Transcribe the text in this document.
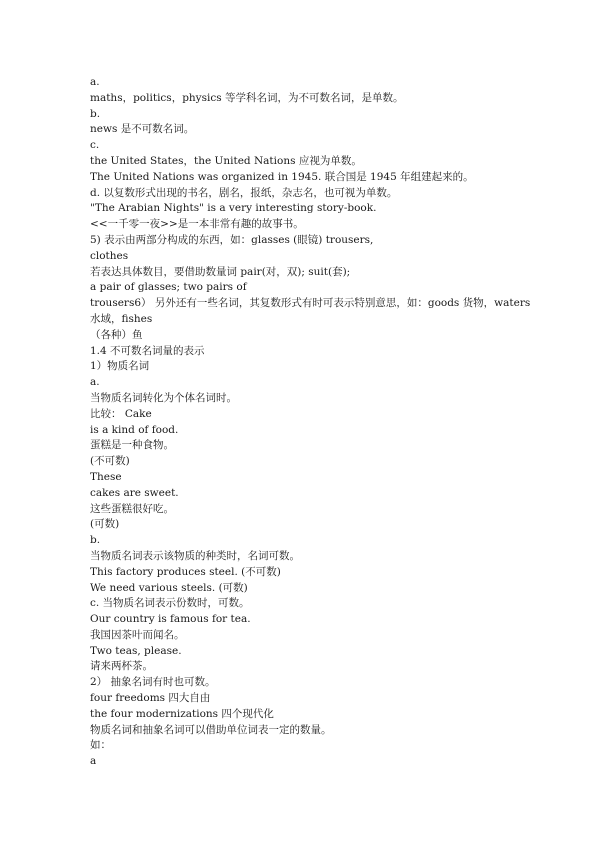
a.
maths，politics，physics 等学科名词，为不可数名词，是单数。
b.
news 是不可数名词。
c.
the United States，the United Nations 应视为单数。
The United Nations was organized in 1945. 联合国是 1945 年组建起来的。
d. 以复数形式出现的书名，剧名，报纸，杂志名，也可视为单数。
"The Arabian Nights" is a very interesting story-book.
<<一千零一夜>>是一本非常有趣的故事书。
5) 表示由两部分构成的东西，如：glasses (眼镜) trousers,
clothes
若表达具体数目，要借助数量词 pair(对，双); suit(套);
a pair of glasses; two pairs of
trousers6） 另外还有一些名词，其复数形式有时可表示特别意思，如：goods 货物，waters
水域，fishes
（各种）鱼
1.4 不可数名词量的表示
1）物质名词
a.
当物质名词转化为个体名词时。
比较： Cake
is a kind of food.
蛋糕是一种食物。
(不可数)
These
cakes are sweet.
这些蛋糕很好吃。
(可数)
b.
当物质名词表示该物质的种类时，名词可数。
This factory produces steel. (不可数)
We need various steels. (可数)
c. 当物质名词表示份数时，可数。
Our country is famous for tea.
我国因茶叶而闻名。
Two teas, please.
请来两杯茶。
2） 抽象名词有时也可数。
four freedoms 四大自由
the four modernizations 四个现代化
物质名词和抽象名词可以借助单位词表一定的数量。
如：
a
